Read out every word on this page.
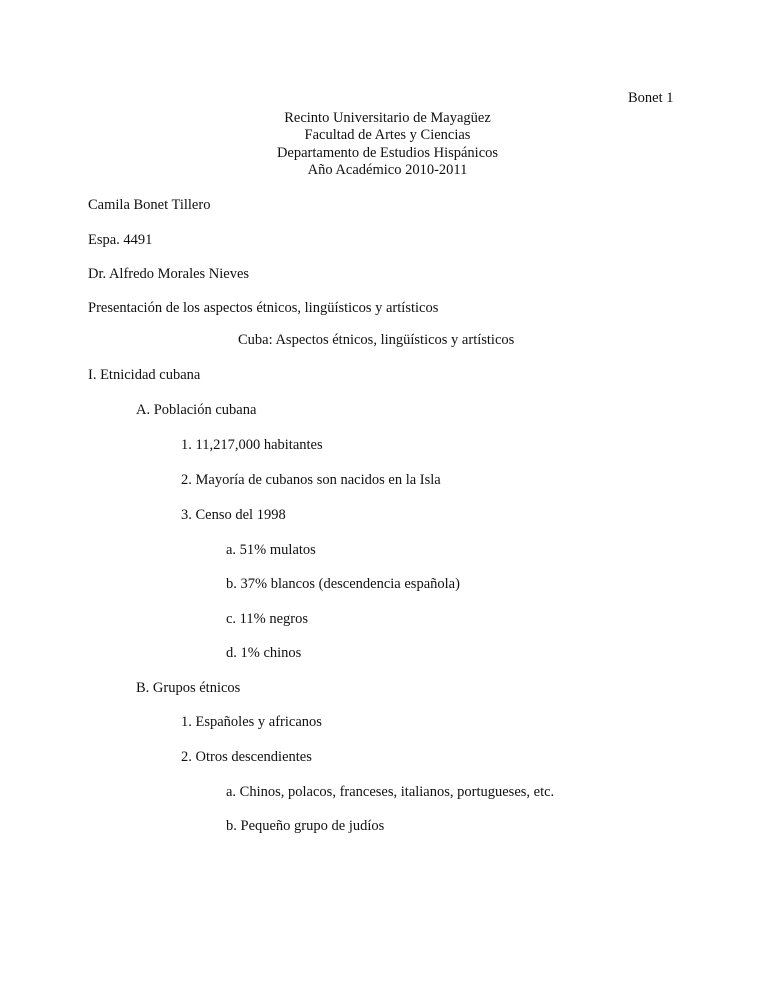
Bonet 1
Recinto Universitario de Mayagüez
Facultad de Artes y Ciencias
Departamento de Estudios Hispánicos
Año Académico 2010-2011
Camila Bonet Tillero
Espa. 4491
Dr. Alfredo Morales Nieves
Presentación de los aspectos étnicos, lingüísticos y artísticos
Cuba: Aspectos étnicos, lingüísticos y artísticos
I. Etnicidad cubana
A. Población cubana
1. 11,217,000 habitantes
2. Mayoría de cubanos son nacidos en la Isla
3. Censo del 1998
a. 51% mulatos
b. 37% blancos (descendencia española)
c. 11% negros
d. 1% chinos
B. Grupos étnicos
1. Españoles y africanos
2. Otros descendientes
a. Chinos, polacos, franceses, italianos, portugueses, etc.
b. Pequeño grupo de judíos
